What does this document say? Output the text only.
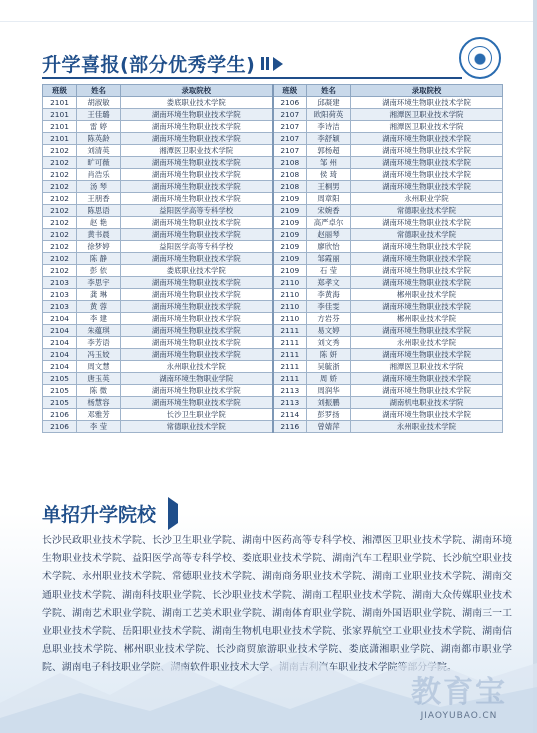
升学喜报(部分优秀学生)
班级	姓名	录取院校	班级	姓名	录取院校
2101	胡淑敏	娄底职业技术学院	2106	邱凝建	湖南环境生物职业技术学院
2101	王佳璐	湖南环境生物职业技术学院	2107	欧阳荷英	湘潭医卫职业技术学院
2101	雷 婷	湖南环境生物职业技术学院	2107	李诗洁	湘潭医卫职业技术学院
2101	陈英龄	湖南环境生物职业技术学院	2107	李舒颖	湖南环境生物职业技术学院
2102	刘清英	湘潭医卫职业技术学院	2107	郭杨超	湖南环境生物职业技术学院
2102	旷可薇	湖南环境生物职业技术学院	2108	邹 州	湖南环境生物职业技术学院
2102	肖浩乐	湖南环境生物职业技术学院	2108	侯 琦	湖南环境生物职业技术学院
2102	汤 琴	湖南环境生物职业技术学院	2108	王桐男	湖南环境生物职业技术学院
2102	王朋香	湖南环境生物职业技术学院	2109	周章阳	永州职业学院
2102	陈思语	益阳医学高等专科学校	2109	宋婉香	常德职业技术学院
2102	赵 艳	湖南环境生物职业技术学院	2109	高严卓尔	湖南环境生物职业技术学院
2102	黄书晨	湖南环境生物职业技术学院	2109	赵丽琴	常德职业技术学院
2102	徐梦婷	益阳医学高等专科学校	2109	廖欣怡	湖南环境生物职业技术学院
2102	陈 静	湖南环境生物职业技术学院	2109	邹霞丽	湖南环境生物职业技术学院
2102	彭 依	娄底职业技术学院	2109	石 莹	湖南环境生物职业技术学院
2103	李思宇	湖南环境生物职业技术学院	2110	郑孝文	湖南环境生物职业技术学院
2103	龚 琳	湖南环境生物职业技术学院	2110	李黄海	郴州职业技术学院
2103	黄 蓉	湖南环境生物职业技术学院	2110	李佳雯	湖南环境生物职业技术学院
2104	李 建	湖南环境生物职业技术学院	2110	方岩芬	郴州职业技术学院
2104	朱蕴琪	湖南环境生物职业技术学院	2111	易文婷	湖南环境生物职业技术学院
2104	李芳语	湖南环境生物职业技术学院	2111	刘文秀	永州职业技术学院
2104	冯玉姣	湖南环境生物职业技术学院	2111	陈 妍	湖南环境生物职业技术学院
2104	周文慧	永州职业技术学院	2111	吴毓浙	湘潭医卫职业技术学院
2105	唐玉英	湖南环境生物职业学院	2111	周 娇	湖南环境生物职业技术学院
2105	陈 微	湖南环境生物职业技术学院	2113	周润华	湖南环境生物职业技术学院
2105	杨慧容	湖南环境生物职业技术学院	2113	刘振鹏	湖南机电职业技术学院
2106	邓雅芳	长沙卫生职业学院	2114	彭罗扬	湖南环境生物职业技术学院
2106	李 莹	常德职业技术学院	2116	曾婧萍	永州职业技术学院
单招升学院校

长沙民政职业技术学院、长沙卫生职业学院、湖南中医药高等专科学校、湘潭医卫职业技术学院、湖南环境生物职业技术学院、益阳医学高等专科学校、娄底职业技术学院、湖南汽车工程职业学院、长沙航空职业技术学院、永州职业技术学院、常德职业技术学院、湖南商务职业技术学院、湖南工业职业技术学院、湖南交通职业技术学院、湖南科技职业学院、长沙职业技术学院、湖南工程职业技术学院、湖南大众传媒职业技术学院、湖南艺术职业学院、湖南工艺美术职业学院、湖南体育职业学院、湖南外国语职业学院、湖南三一工业职业技术学院、岳阳职业技术学院、湖南生物机电职业技术学院、张家界航空工业职业技术学院、湖南信息职业技术学院、郴州职业技术学院、长沙商贸旅游职业技术学院、娄底潇湘职业学院、湖南都市职业学院、湖南电子科技职业学院、湖南软件职业技术大学、湖南吉利汽车职业技术学院等部分学院。

教育宝
JIAOYUBAO.CN
